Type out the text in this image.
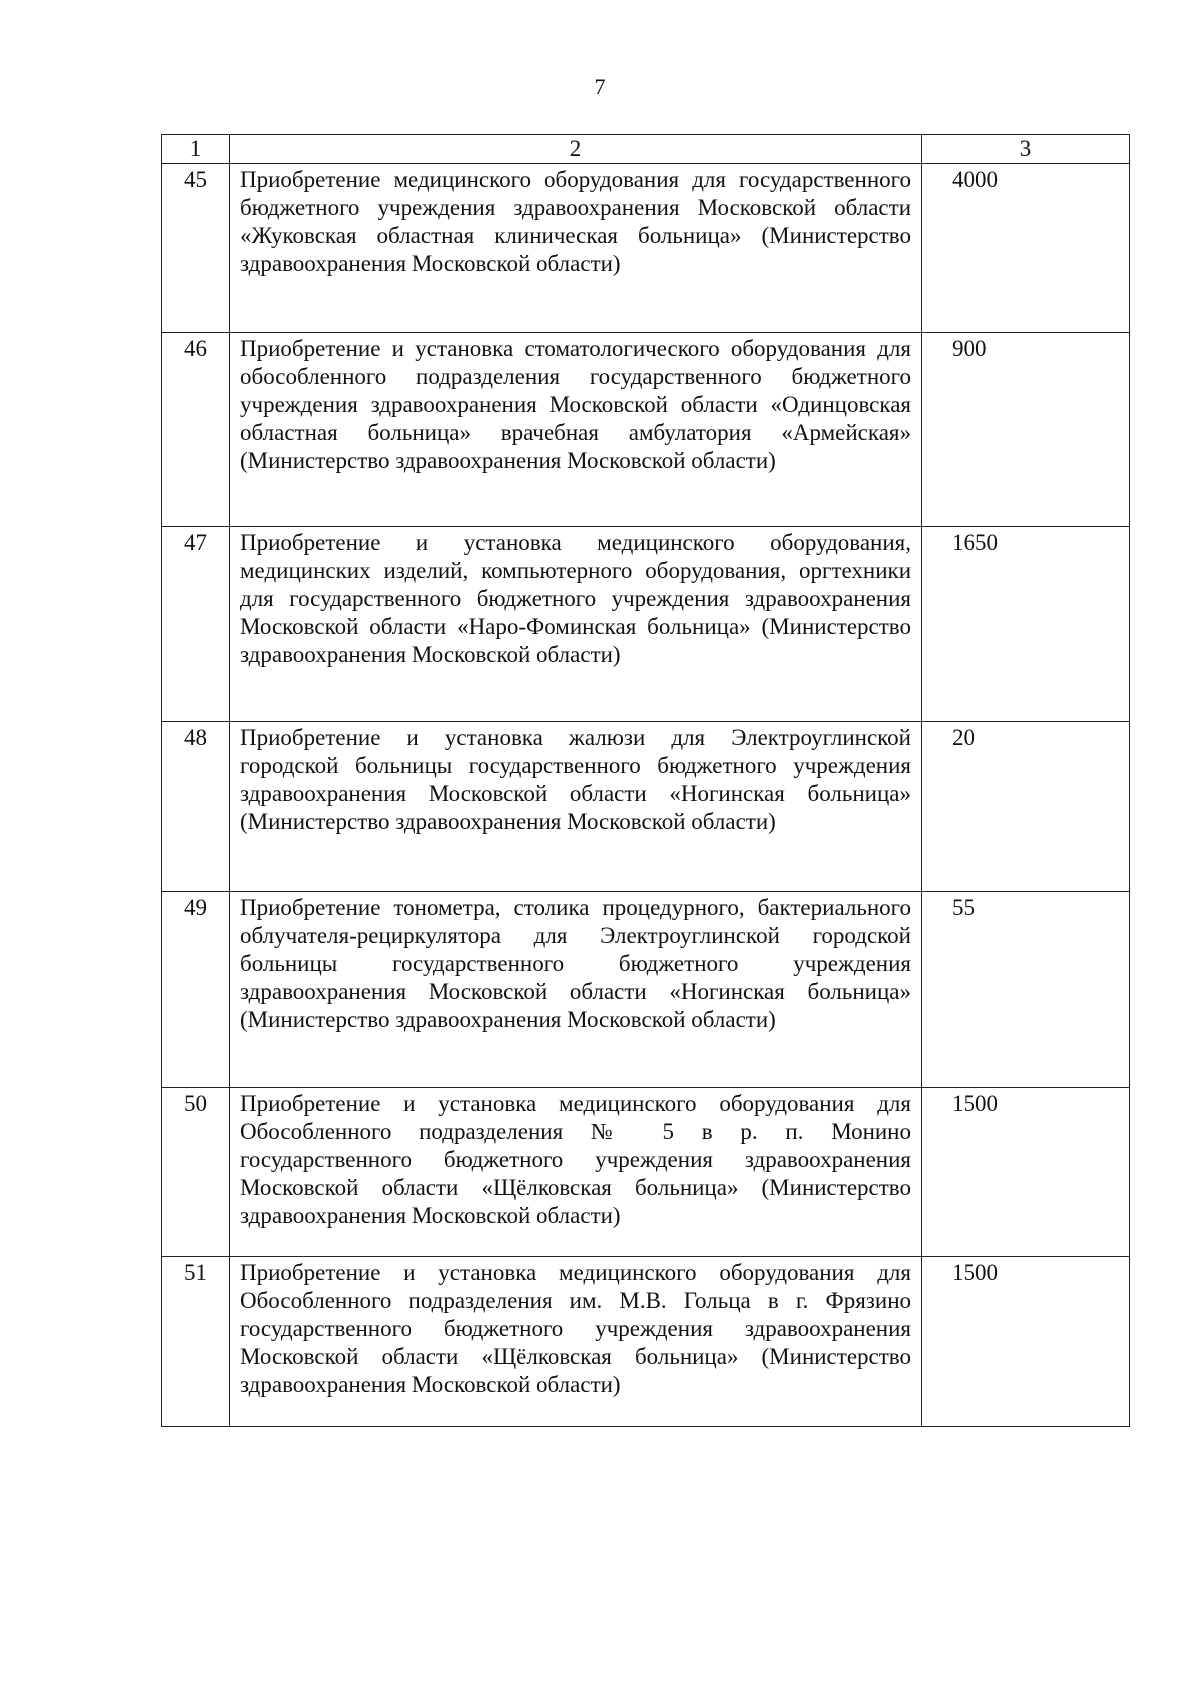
7
1	2	3
45	Приобретение медицинского оборудования для государственного бюджетного учреждения здравоохранения Московской области «Жуковская областная клиническая больница» (Министерство здравоохранения Московской области)	4000
46	Приобретение и установка стоматологического оборудования для обособленного подразделения государственного бюджетного учреждения здравоохранения Московской области «Одинцовская областная больница» врачебная амбулатория «Армейская» (Министерство здравоохранения Московской области)	900
47	Приобретение и установка медицинского оборудования, медицинских изделий, компьютерного оборудования, оргтехники для государственного бюджетного учреждения здравоохранения Московской области «Наро-Фоминская больница» (Министерство здравоохранения Московской области)	1650
48	Приобретение и установка жалюзи для Электроуглинской городской больницы государственного бюджетного учреждения здравоохранения Московской области «Ногинская больница» (Министерство здравоохранения Московской области)	20
49	Приобретение тонометра, столика процедурного, бактериального облучателя-рециркулятора для Электроуглинской городской больницы государственного бюджетного учреждения здравоохранения Московской области «Ногинская больница» (Министерство здравоохранения Московской области)	55
50	Приобретение и установка медицинского оборудования для Обособленного подразделения № 5 в р. п. Монино государственного бюджетного учреждения здравоохранения Московской области «Щёлковская больница» (Министерство здравоохранения Московской области)	1500
51	Приобретение и установка медицинского оборудования для Обособленного подразделения им. М.В. Гольца в г. Фрязино государственного бюджетного учреждения здравоохранения Московской области «Щёлковская больница» (Министерство здравоохранения Московской области)	1500
